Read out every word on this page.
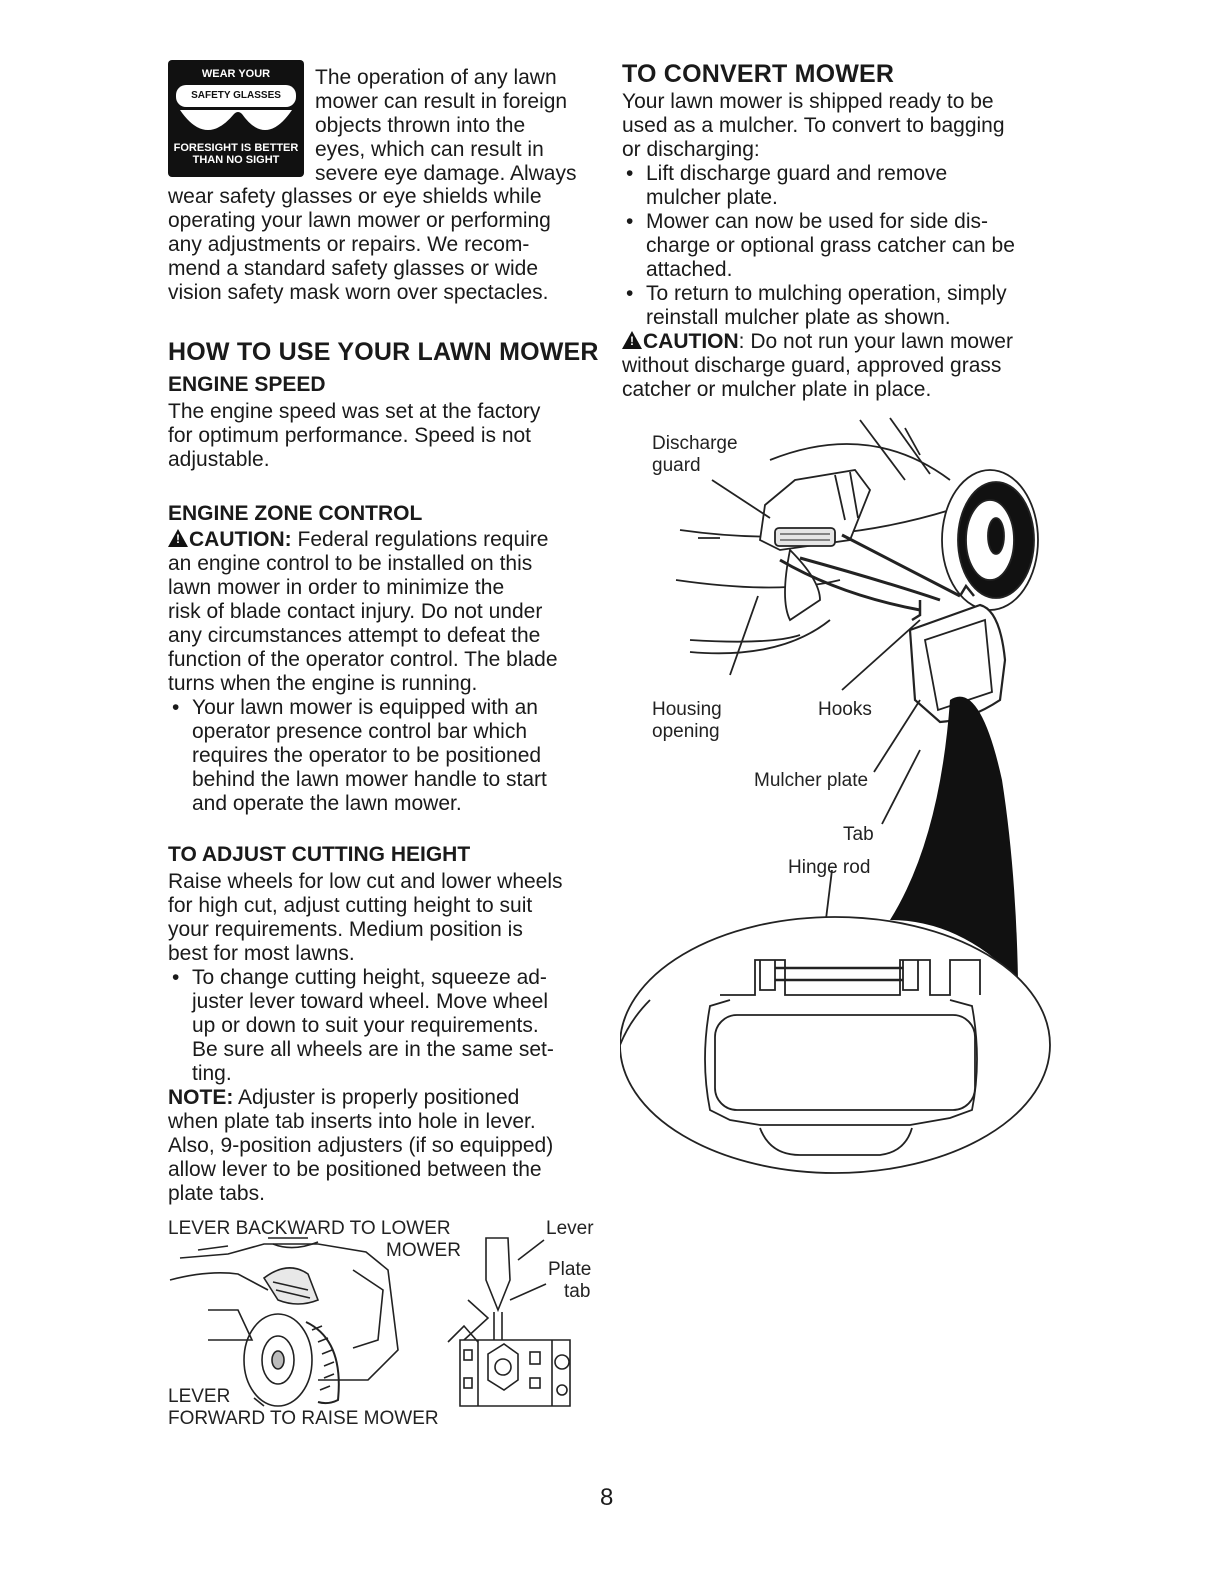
WEAR YOUR
SAFETY GLASSES
FORESIGHT IS BETTER
THAN NO SIGHT
The operation of any lawn
mower can result in foreign
objects thrown into the
eyes, which can result in
severe eye damage. Always
wear safety glasses or eye shields while
operating your lawn mower or performing
any adjustments or repairs. We recom-
mend a standard safety glasses or wide
vision safety mask worn over spectacles.
HOW TO USE YOUR LAWN MOWER
ENGINE SPEED
The engine speed was set at the factory
for optimum performance. Speed is not
adjustable.
ENGINE ZONE CONTROL
!CAUTION: Federal regulations require
an engine control to be installed on this
lawn mower in order to minimize the
risk of blade contact injury. Do not under
any circumstances attempt to defeat the
function of the operator control. The blade
turns when the engine is running.
• Your lawn mower is equipped with an
operator presence control bar which
requires the operator to be positioned
behind the lawn mower handle to start
and operate the lawn mower.
TO ADJUST CUTTING HEIGHT
Raise wheels for low cut and lower wheels
for high cut, adjust cutting height to suit
your requirements. Medium position is
best for most lawns.
• To change cutting height, squeeze ad-
juster lever toward wheel. Move wheel
up or down to suit your requirements.
Be sure all wheels are in the same set-
ting.
NOTE: Adjuster is properly positioned
when plate tab inserts into hole in lever.
Also, 9-position adjusters (if so equipped)
allow lever to be positioned between the
plate tabs.
LEVER BACKWARD TO LOWER
MOWER
Lever
Plate
tab
LEVER
FORWARD TO RAISE MOWER
TO CONVERT MOWER
Your lawn mower is shipped ready to be
used as a mulcher. To convert to bagging
or discharging:
• Lift discharge guard and remove
mulcher plate.
• Mower can now be used for side dis-
charge or optional grass catcher can be
attached.
• To return to mulching operation, simply
reinstall mulcher plate as shown.
!CAUTION: Do not run your lawn mower
without discharge guard, approved grass
catcher or mulcher plate in place.
Discharge
guard
Housing
opening
Hooks
Mulcher plate
Tab
Hinge rod
8
